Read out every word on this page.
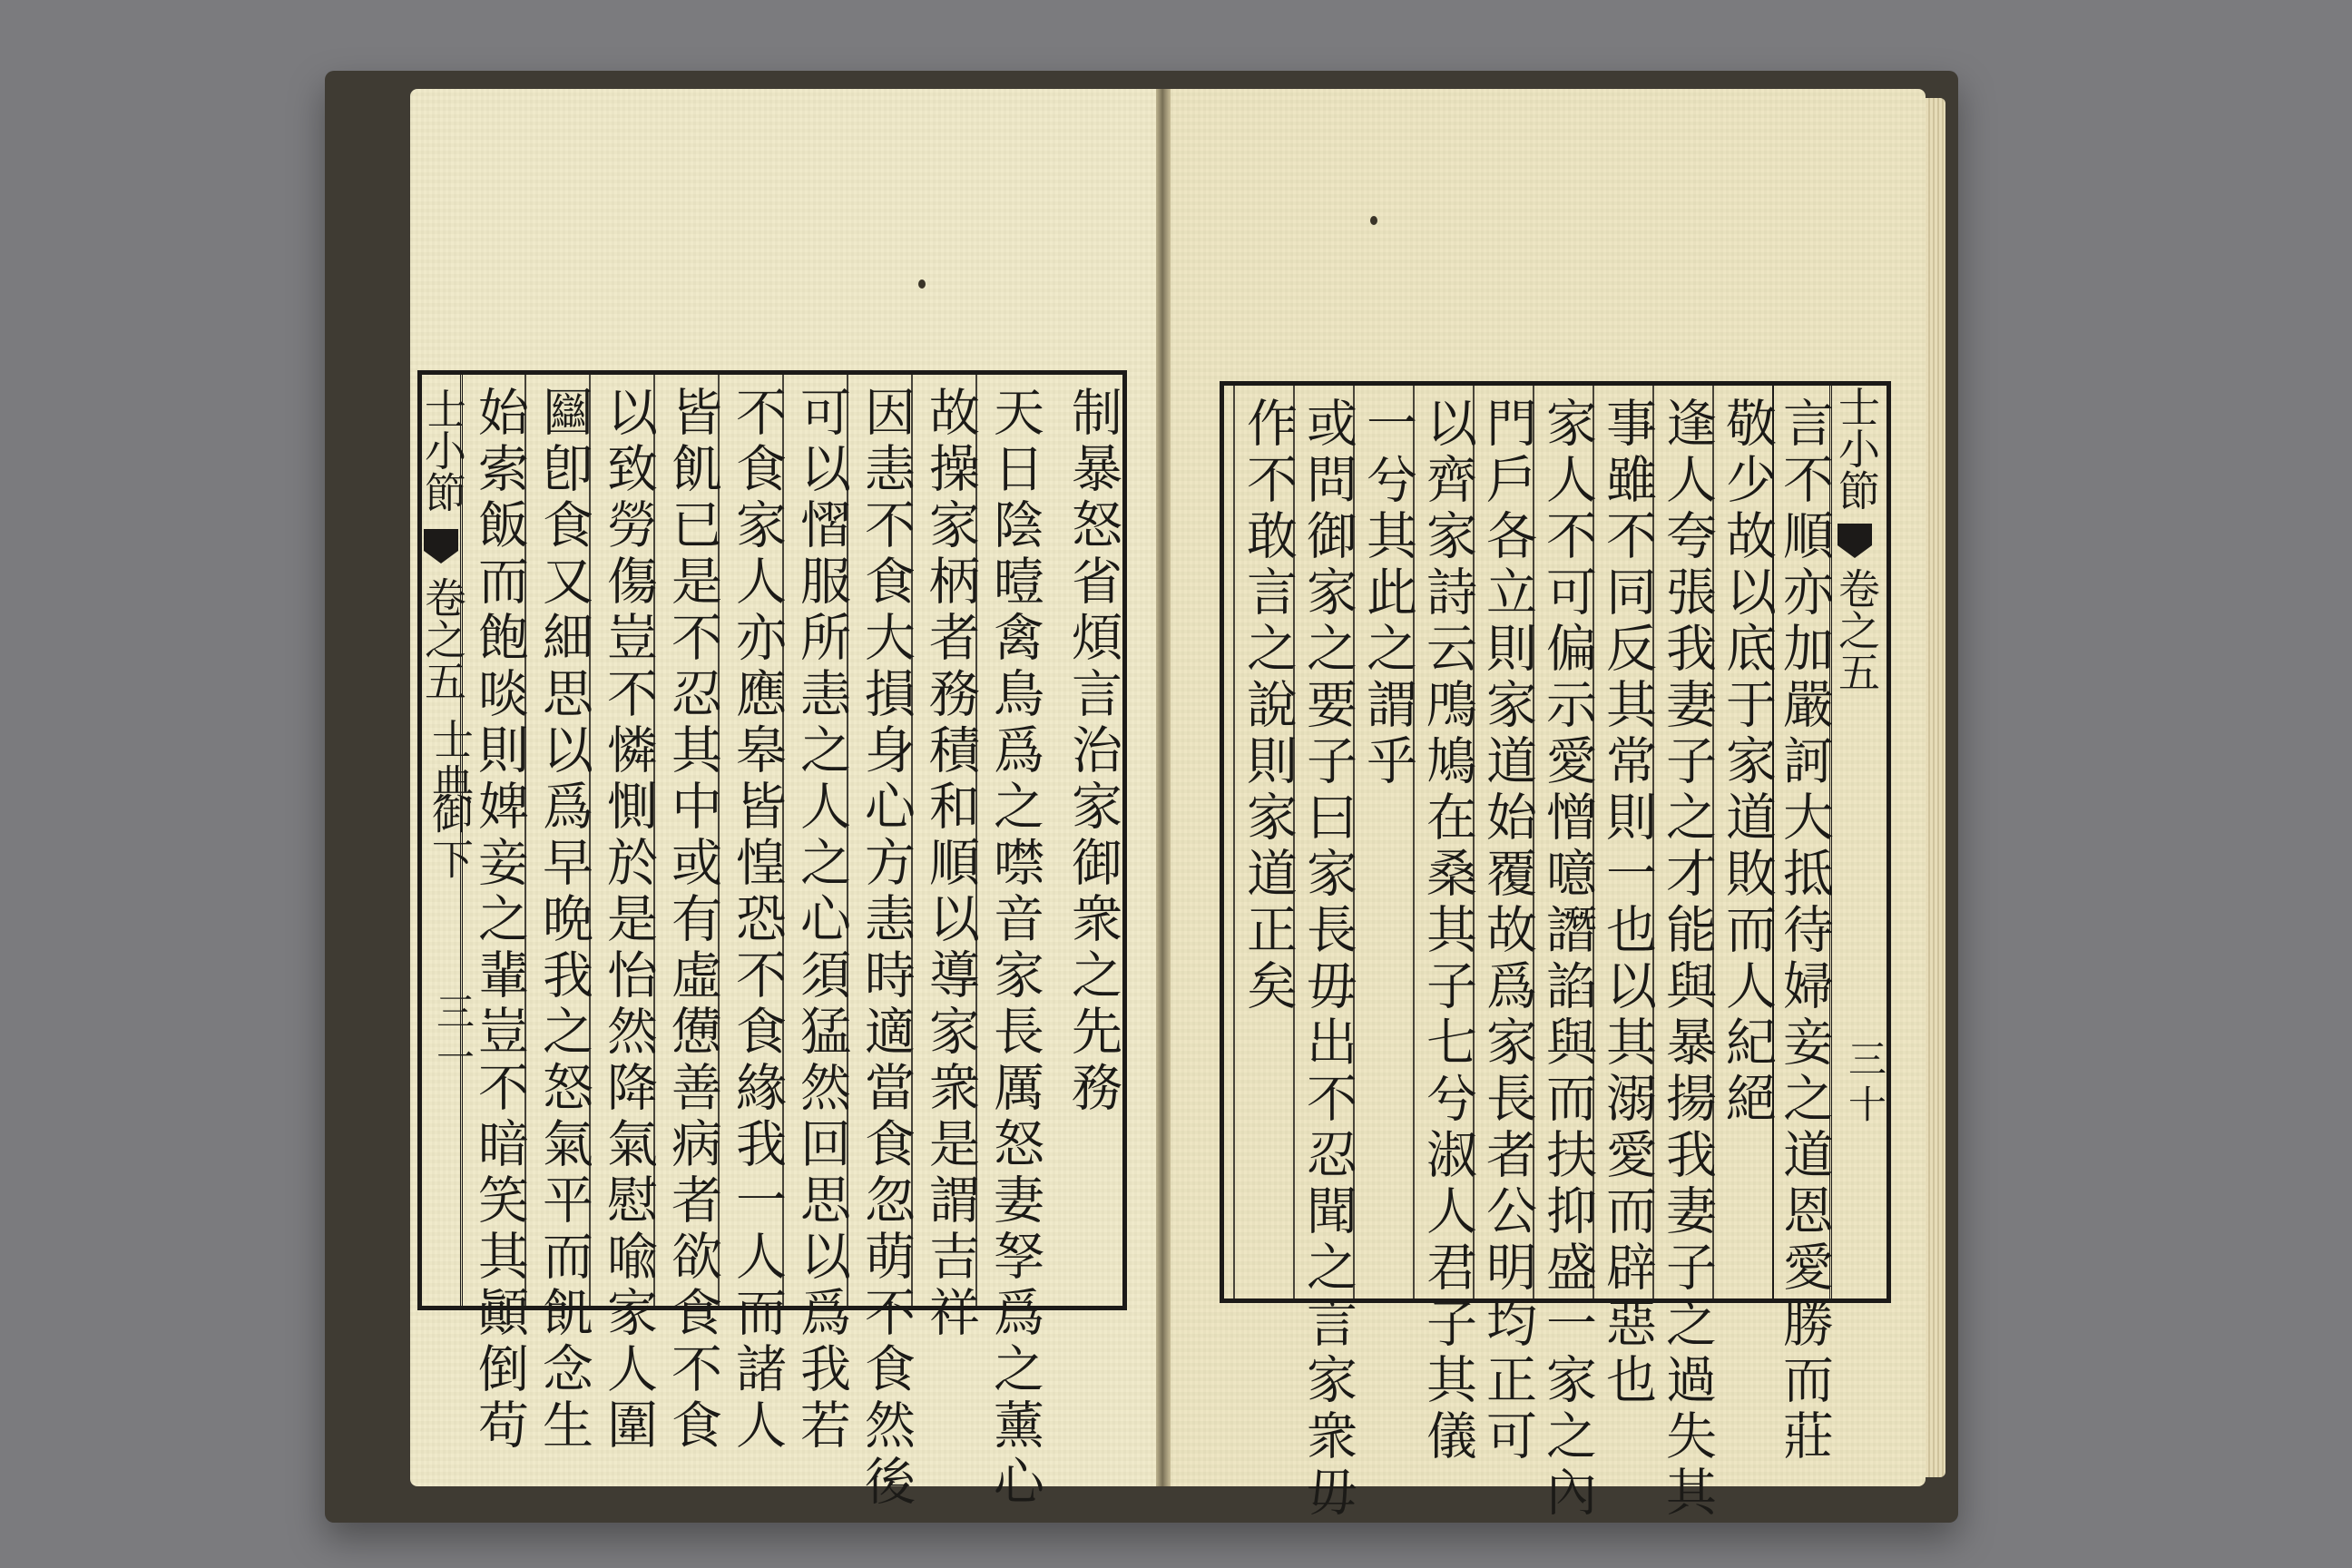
制暴怒省煩言治家御衆之先務
天日陰曀禽鳥爲之噤音家長厲怒妻孥爲之薰心
故操家柄者務積和順以導家衆是謂吉祥
因恚不食大損身心方恚時適當食忽萌不食然後
可以慴服所恚之人之心須猛然回思以爲我若
不食家人亦應皋皆惶恐不食緣我一人而諸人
皆飢已是不忍其中或有虛憊善病者欲食不食
以致勞傷豈不憐惻於是怡然降氣慰喩家人圍
圝卽食又細思以爲早晩我之怒氣平而飢念生
始索飯而飽啖則婢妾之輩豈不暗笑其顚倒苟
士小節
卷之五
士典
御下
三一
士小節
卷之五
三十
言不順亦加嚴訶大抵待婦妾之道恩愛勝而莊
敬少故以底于家道敗而人紀絕
逢人夸張我妻子之才能與暴揚我妻子之過失其
事雖不同反其常則一也以其溺愛而辟惡也
家人不可偏示愛憎噫譖諂與而扶抑盛一家之內
門戶各立則家道始覆故爲家長者公明均正可
以齊家詩云鳲鳩在桑其子七兮淑人君子其儀
一兮其此之謂乎
或問御家之要子曰家長毋出不忍聞之言家衆毋
作不敢言之說則家道正矣
